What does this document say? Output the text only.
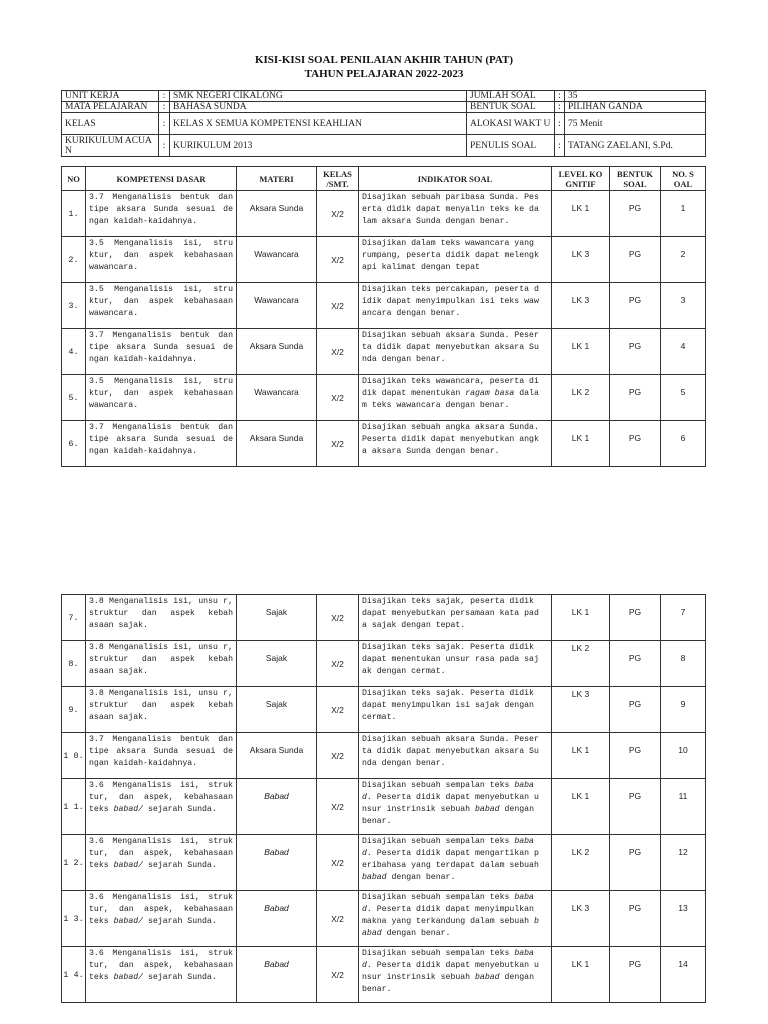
KISI-KISI SOAL PENILAIAN AKHIR TAHUN (PAT)
TAHUN PELAJARAN 2022-2023
UNIT KERJA	:	SMK NEGERI CIKALONG	JUMLAH SOAL	:	35
MATA PELAJARAN	:	BAHASA SUNDA	BENTUK SOAL	:	PILIHAN GANDA
KELAS	:	KELAS X SEMUA KOMPETENSI KEAHLIAN	ALOKASI WAKT U	:	75 Menit
KURIKULUM ACUA N	:	KURIKULUM 2013	PENULIS SOAL	:	TATANG ZAELANI, S.Pd.
NO	KOMPETENSI DASAR	MATERI	KELAS /SMT.	INDIKATOR SOAL	LEVEL KO GNITIF	BENTUK SOAL	NO. S OAL
1.	3.7 Menganalisis bentuk dan tipe aksara Sunda sesuai de ngan kaidah-kaidahnya.	Aksara Sunda	X/2	Disajikan sebuah paribasa Sunda. Pes erta didik dapat menyalin teks ke da lam aksara Sunda dengan benar.	LK 1	PG	1
2.	3.5 Menganalisis isi, stru ktur, dan aspek kebahasaan wawancara.	Wawancara	X/2	Disajikan dalam teks wawancara yang rumpang, peserta didik dapat melengk api kalimat dengan tepat	LK 3	PG	2
3.	3.5 Menganalisis isi, stru ktur, dan aspek kebahasaan wawancara.	Wawancara	X/2	Disajikan teks percakapan, peserta d idik dapat menyimpulkan isi teks waw ancara dengan benar.	LK 3	PG	3
4.	3.7 Menganalisis bentuk dan tipe aksara Sunda sesuai de ngan kaidah-kaidahnya.	Aksara Sunda	X/2	Disajikan sebuah aksara Sunda. Peser ta didik dapat menyebutkan aksara Su nda dengan benar.	LK 1	PG	4
5.	3.5 Menganalisis isi, stru ktur, dan aspek kebahasaan wawancara.	Wawancara	X/2	Disajikan teks wawancara, peserta di dik dapat menentukan ragam basa dala m teks wawancara dengan benar.	LK 2	PG	5
6.	3.7 Menganalisis bentuk dan tipe aksara Sunda sesuai de ngan kaidah-kaidahnya.	Aksara Sunda	X/2	Disajikan sebuah angka aksara Sunda. Peserta didik dapat menyebutkan angk a aksara Sunda dengan benar.	LK 1	PG	6
7.	3.8 Menganalisis isi, unsu r, struktur dan aspek kebah asaan sajak.	Sajak	X/2	Disajikan teks sajak, peserta didik dapat menyebutkan persamaan kata pad a sajak dengan tepat.	LK 1	PG	7
8.	3.8 Menganalisis isi, unsu r, struktur dan aspek kebah asaan sajak.	Sajak	X/2	Disajikan teks sajak. Peserta didik dapat menentukan unsur rasa pada saj ak dengan cermat.	LK 2	PG	8
9.	3.8 Menganalisis isi, unsu r, struktur dan aspek kebah asaan sajak.	Sajak	X/2	Disajikan teks sajak. Peserta didik dapat menyimpulkan isi sajak dengan cermat.	LK 3	PG	9
1 0.	3.7 Menganalisis bentuk dan tipe aksara Sunda sesuai de ngan kaidah-kaidahnya.	Aksara Sunda	X/2	Disajikan sebuah aksara Sunda. Peser ta didik dapat menyebutkan aksara Su nda dengan benar.	LK 1	PG	10
1 1.	3.6 Menganalisis isi, struk tur, dan aspek, kebahasaan teks babad/ sejarah Sunda.	Babad	X/2	Disajikan sebuah sempalan teks baba d. Peserta didik dapat menyebutkan u nsur instrinsik sebuah babad dengan benar.	LK 1	PG	11
1 2.	3.6 Menganalisis isi, struk tur, dan aspek, kebahasaan teks babad/ sejarah Sunda.	Babad	X/2	Disajikan sebuah sempalan teks baba d. Peserta didik dapat mengartikan p eribahasa yang terdapat dalam sebuah babad dengan benar.	LK 2	PG	12
1 3.	3.6 Menganalisis isi, struk tur, dan aspek, kebahasaan teks babad/ sejarah Sunda.	Babad	X/2	Disajikan sebuah sempalan teks baba d. Peserta didik dapat menyimpulkan makna yang terkandung dalam sebuah b abad dengan benar.	LK 3	PG	13
1 4.	3.6 Menganalisis isi, struk tur, dan aspek, kebahasaan teks babad/ sejarah Sunda.	Babad	X/2	Disajikan sebuah sempalan teks baba d. Peserta didik dapat menyebutkan u nsur instrinsik sebuah babad dengan benar.	LK 1	PG	14
